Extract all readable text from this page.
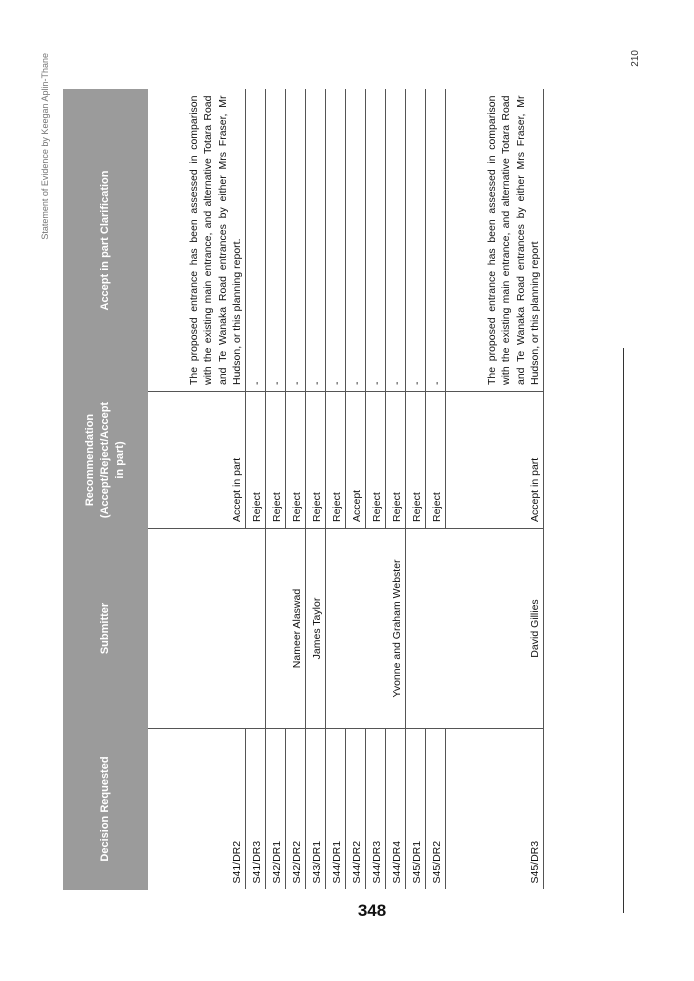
Statement of Evidence by Keegan Aplin-Thane
Decision Requested	Submitter	Recommendation (Accept/Reject/Accept in part)	Accept in part Clarification
S41/DR2		Accept in part	The proposed entrance has been assessed in comparison with the existing main entrance, and alternative Totara Road and Te Wanaka Road entrances by either Mrs Fraser, Mr Hudson, or this planning report.
S41/DR3		Reject	-
S42/DR1	Nameer Alaswad	Reject	-
S42/DR2		Reject	-
S43/DR1	James Taylor	Reject	-
S44/DR1	Yvonne and Graham Webster	Reject	-
S44/DR2		Accept	-
S44/DR3		Reject	-
S44/DR4		Reject	-
S45/DR1	David Gillies	Reject	-
S45/DR2		Reject	-
S45/DR3		Accept in part	The proposed entrance has been assessed in comparison with the existing main entrance, and alternative Totara Road and Te Wanaka Road entrances by either Mrs Fraser, Mr Hudson, or this planning report
210
348
